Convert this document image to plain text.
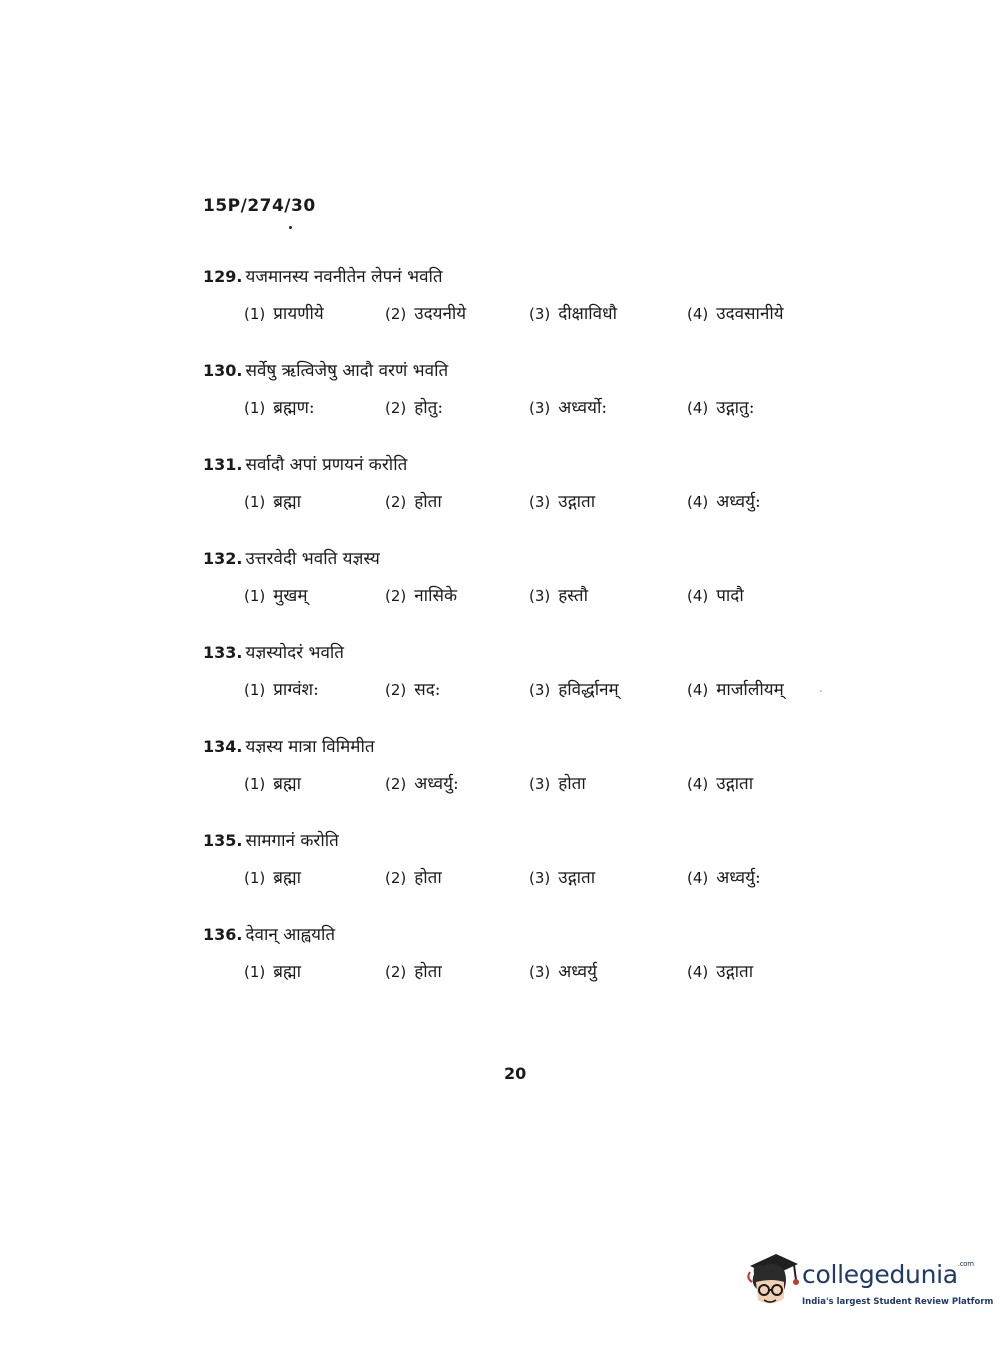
15P/274/30
129. यजमानस्य नवनीतेन लेपनं भवति
(1) प्रायणीये	(2) उदयनीये	(3) दीक्षाविधौ	(4) उदवसानीये
130. सर्वेषु ऋत्विजेषु आदौ वरणं भवति
(1) ब्रह्मण:	(2) होतु:	(3) अध्वर्यो:	(4) उद्गातु:
131. सर्वादौ अपां प्रणयनं करोति
(1) ब्रह्मा	(2) होता	(3) उद्गाता	(4) अध्वर्यु:
132. उत्तरवेदी भवति यज्ञस्य
(1) मुखम्	(2) नासिके	(3) हस्तौ	(4) पादौ
133. यज्ञस्योदरं भवति
(1) प्राग्वंश:	(2) सद:	(3) हविर्द्धानम्	(4) मार्जालीयम्
134. यज्ञस्य मात्रा विमिमीत
(1) ब्रह्मा	(2) अध्वर्यु:	(3) होता	(4) उद्गाता
135. सामगानं करोति
(1) ब्रह्मा	(2) होता	(3) उद्गाता	(4) अध्वर्यु:
136. देवान् आह्वयति
(1) ब्रह्मा	(2) होता	(3) अध्वर्यु	(4) उद्गाता
20
collegedunia$^{.com}$
India's largest Student Review Platform
